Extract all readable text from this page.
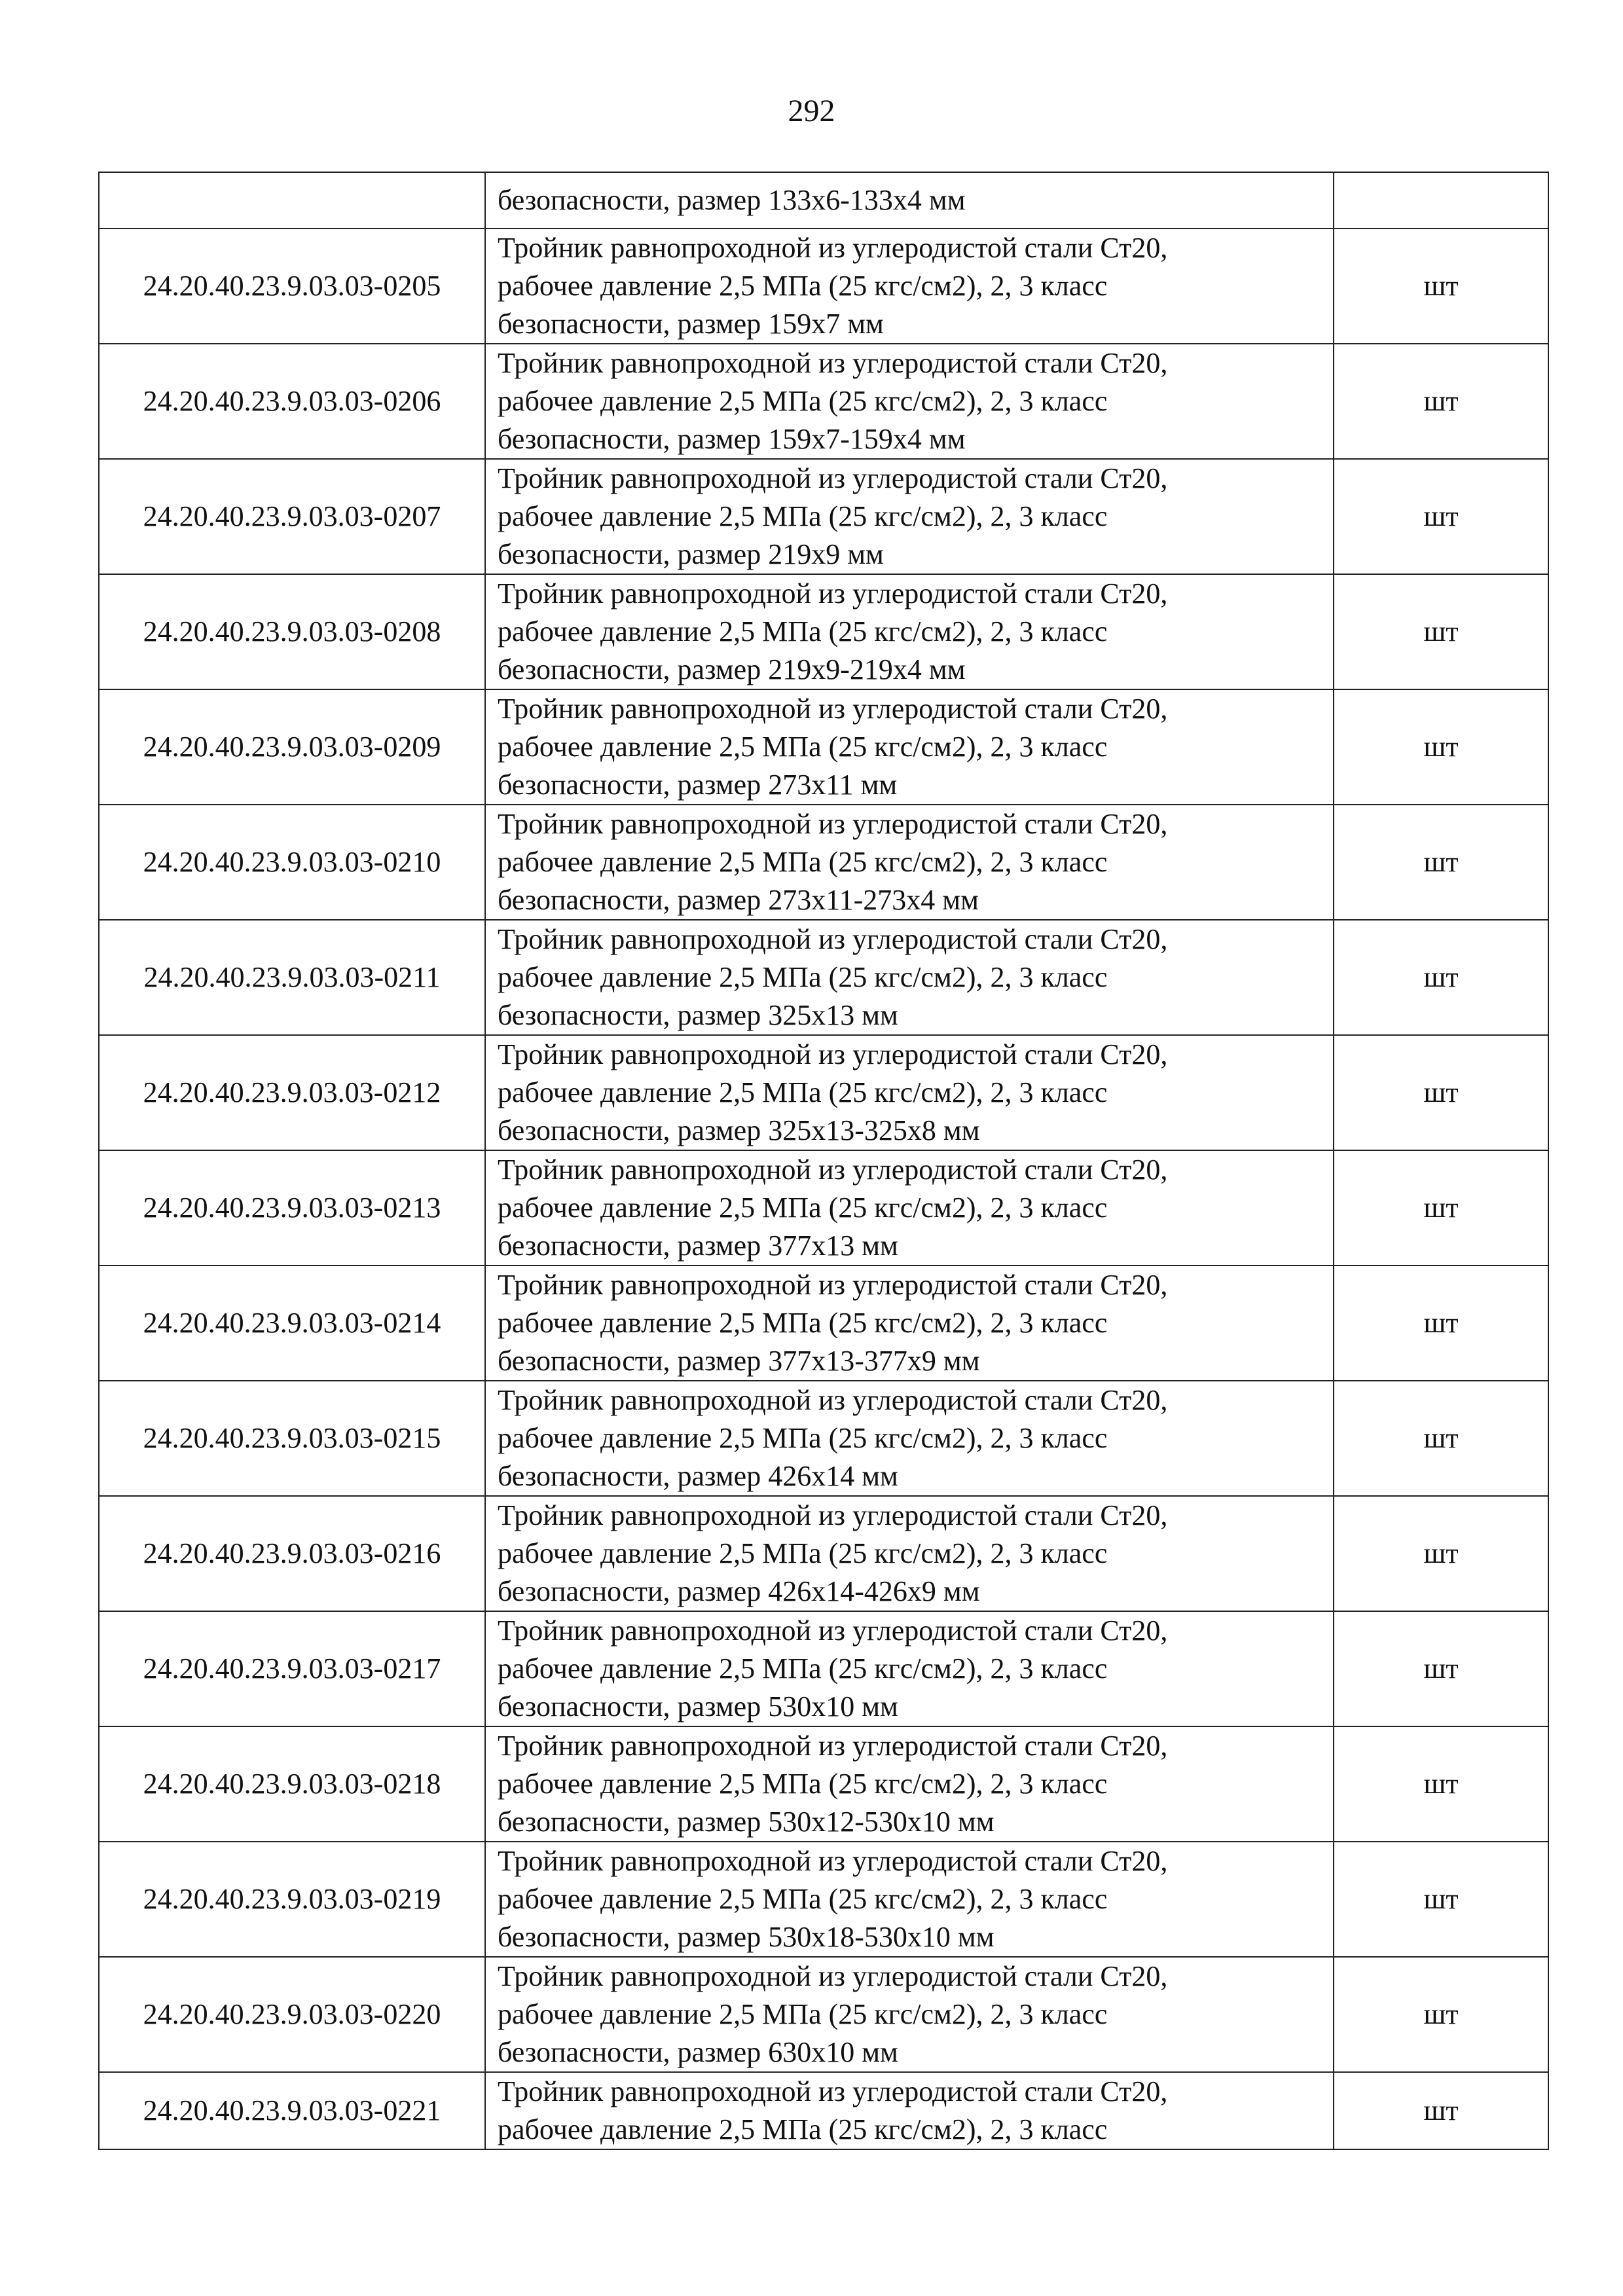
292

	безопасности, размер 133х6-133х4 мм	

24.20.40.23.9.03.03-0205	Тройник равнопроходной из углеродистой стали Ст20,
рабочее давление 2,5 МПа (25 кгс/см2), 2, 3 класс
безопасности, размер 159х7 мм	шт
24.20.40.23.9.03.03-0206	Тройник равнопроходной из углеродистой стали Ст20,
рабочее давление 2,5 МПа (25 кгс/см2), 2, 3 класс
безопасности, размер 159х7-159х4 мм	шт
24.20.40.23.9.03.03-0207	Тройник равнопроходной из углеродистой стали Ст20,
рабочее давление 2,5 МПа (25 кгс/см2), 2, 3 класс
безопасности, размер 219х9 мм	шт
24.20.40.23.9.03.03-0208	Тройник равнопроходной из углеродистой стали Ст20,
рабочее давление 2,5 МПа (25 кгс/см2), 2, 3 класс
безопасности, размер 219х9-219х4 мм	шт
24.20.40.23.9.03.03-0209	Тройник равнопроходной из углеродистой стали Ст20,
рабочее давление 2,5 МПа (25 кгс/см2), 2, 3 класс
безопасности, размер 273х11 мм	шт
24.20.40.23.9.03.03-0210	Тройник равнопроходной из углеродистой стали Ст20,
рабочее давление 2,5 МПа (25 кгс/см2), 2, 3 класс
безопасности, размер 273х11-273х4 мм	шт
24.20.40.23.9.03.03-0211	Тройник равнопроходной из углеродистой стали Ст20,
рабочее давление 2,5 МПа (25 кгс/см2), 2, 3 класс
безопасности, размер 325х13 мм	шт
24.20.40.23.9.03.03-0212	Тройник равнопроходной из углеродистой стали Ст20,
рабочее давление 2,5 МПа (25 кгс/см2), 2, 3 класс
безопасности, размер 325х13-325х8 мм	шт
24.20.40.23.9.03.03-0213	Тройник равнопроходной из углеродистой стали Ст20,
рабочее давление 2,5 МПа (25 кгс/см2), 2, 3 класс
безопасности, размер 377х13 мм	шт
24.20.40.23.9.03.03-0214	Тройник равнопроходной из углеродистой стали Ст20,
рабочее давление 2,5 МПа (25 кгс/см2), 2, 3 класс
безопасности, размер 377х13-377х9 мм	шт
24.20.40.23.9.03.03-0215	Тройник равнопроходной из углеродистой стали Ст20,
рабочее давление 2,5 МПа (25 кгс/см2), 2, 3 класс
безопасности, размер 426х14 мм	шт
24.20.40.23.9.03.03-0216	Тройник равнопроходной из углеродистой стали Ст20,
рабочее давление 2,5 МПа (25 кгс/см2), 2, 3 класс
безопасности, размер 426х14-426х9 мм	шт
24.20.40.23.9.03.03-0217	Тройник равнопроходной из углеродистой стали Ст20,
рабочее давление 2,5 МПа (25 кгс/см2), 2, 3 класс
безопасности, размер 530х10 мм	шт
24.20.40.23.9.03.03-0218	Тройник равнопроходной из углеродистой стали Ст20,
рабочее давление 2,5 МПа (25 кгс/см2), 2, 3 класс
безопасности, размер 530х12-530х10 мм	шт
24.20.40.23.9.03.03-0219	Тройник равнопроходной из углеродистой стали Ст20,
рабочее давление 2,5 МПа (25 кгс/см2), 2, 3 класс
безопасности, размер 530х18-530х10 мм	шт
24.20.40.23.9.03.03-0220	Тройник равнопроходной из углеродистой стали Ст20,
рабочее давление 2,5 МПа (25 кгс/см2), 2, 3 класс
безопасности, размер 630х10 мм	шт
24.20.40.23.9.03.03-0221	Тройник равнопроходной из углеродистой стали Ст20,
рабочее давление 2,5 МПа (25 кгс/см2), 2, 3 класс	шт
